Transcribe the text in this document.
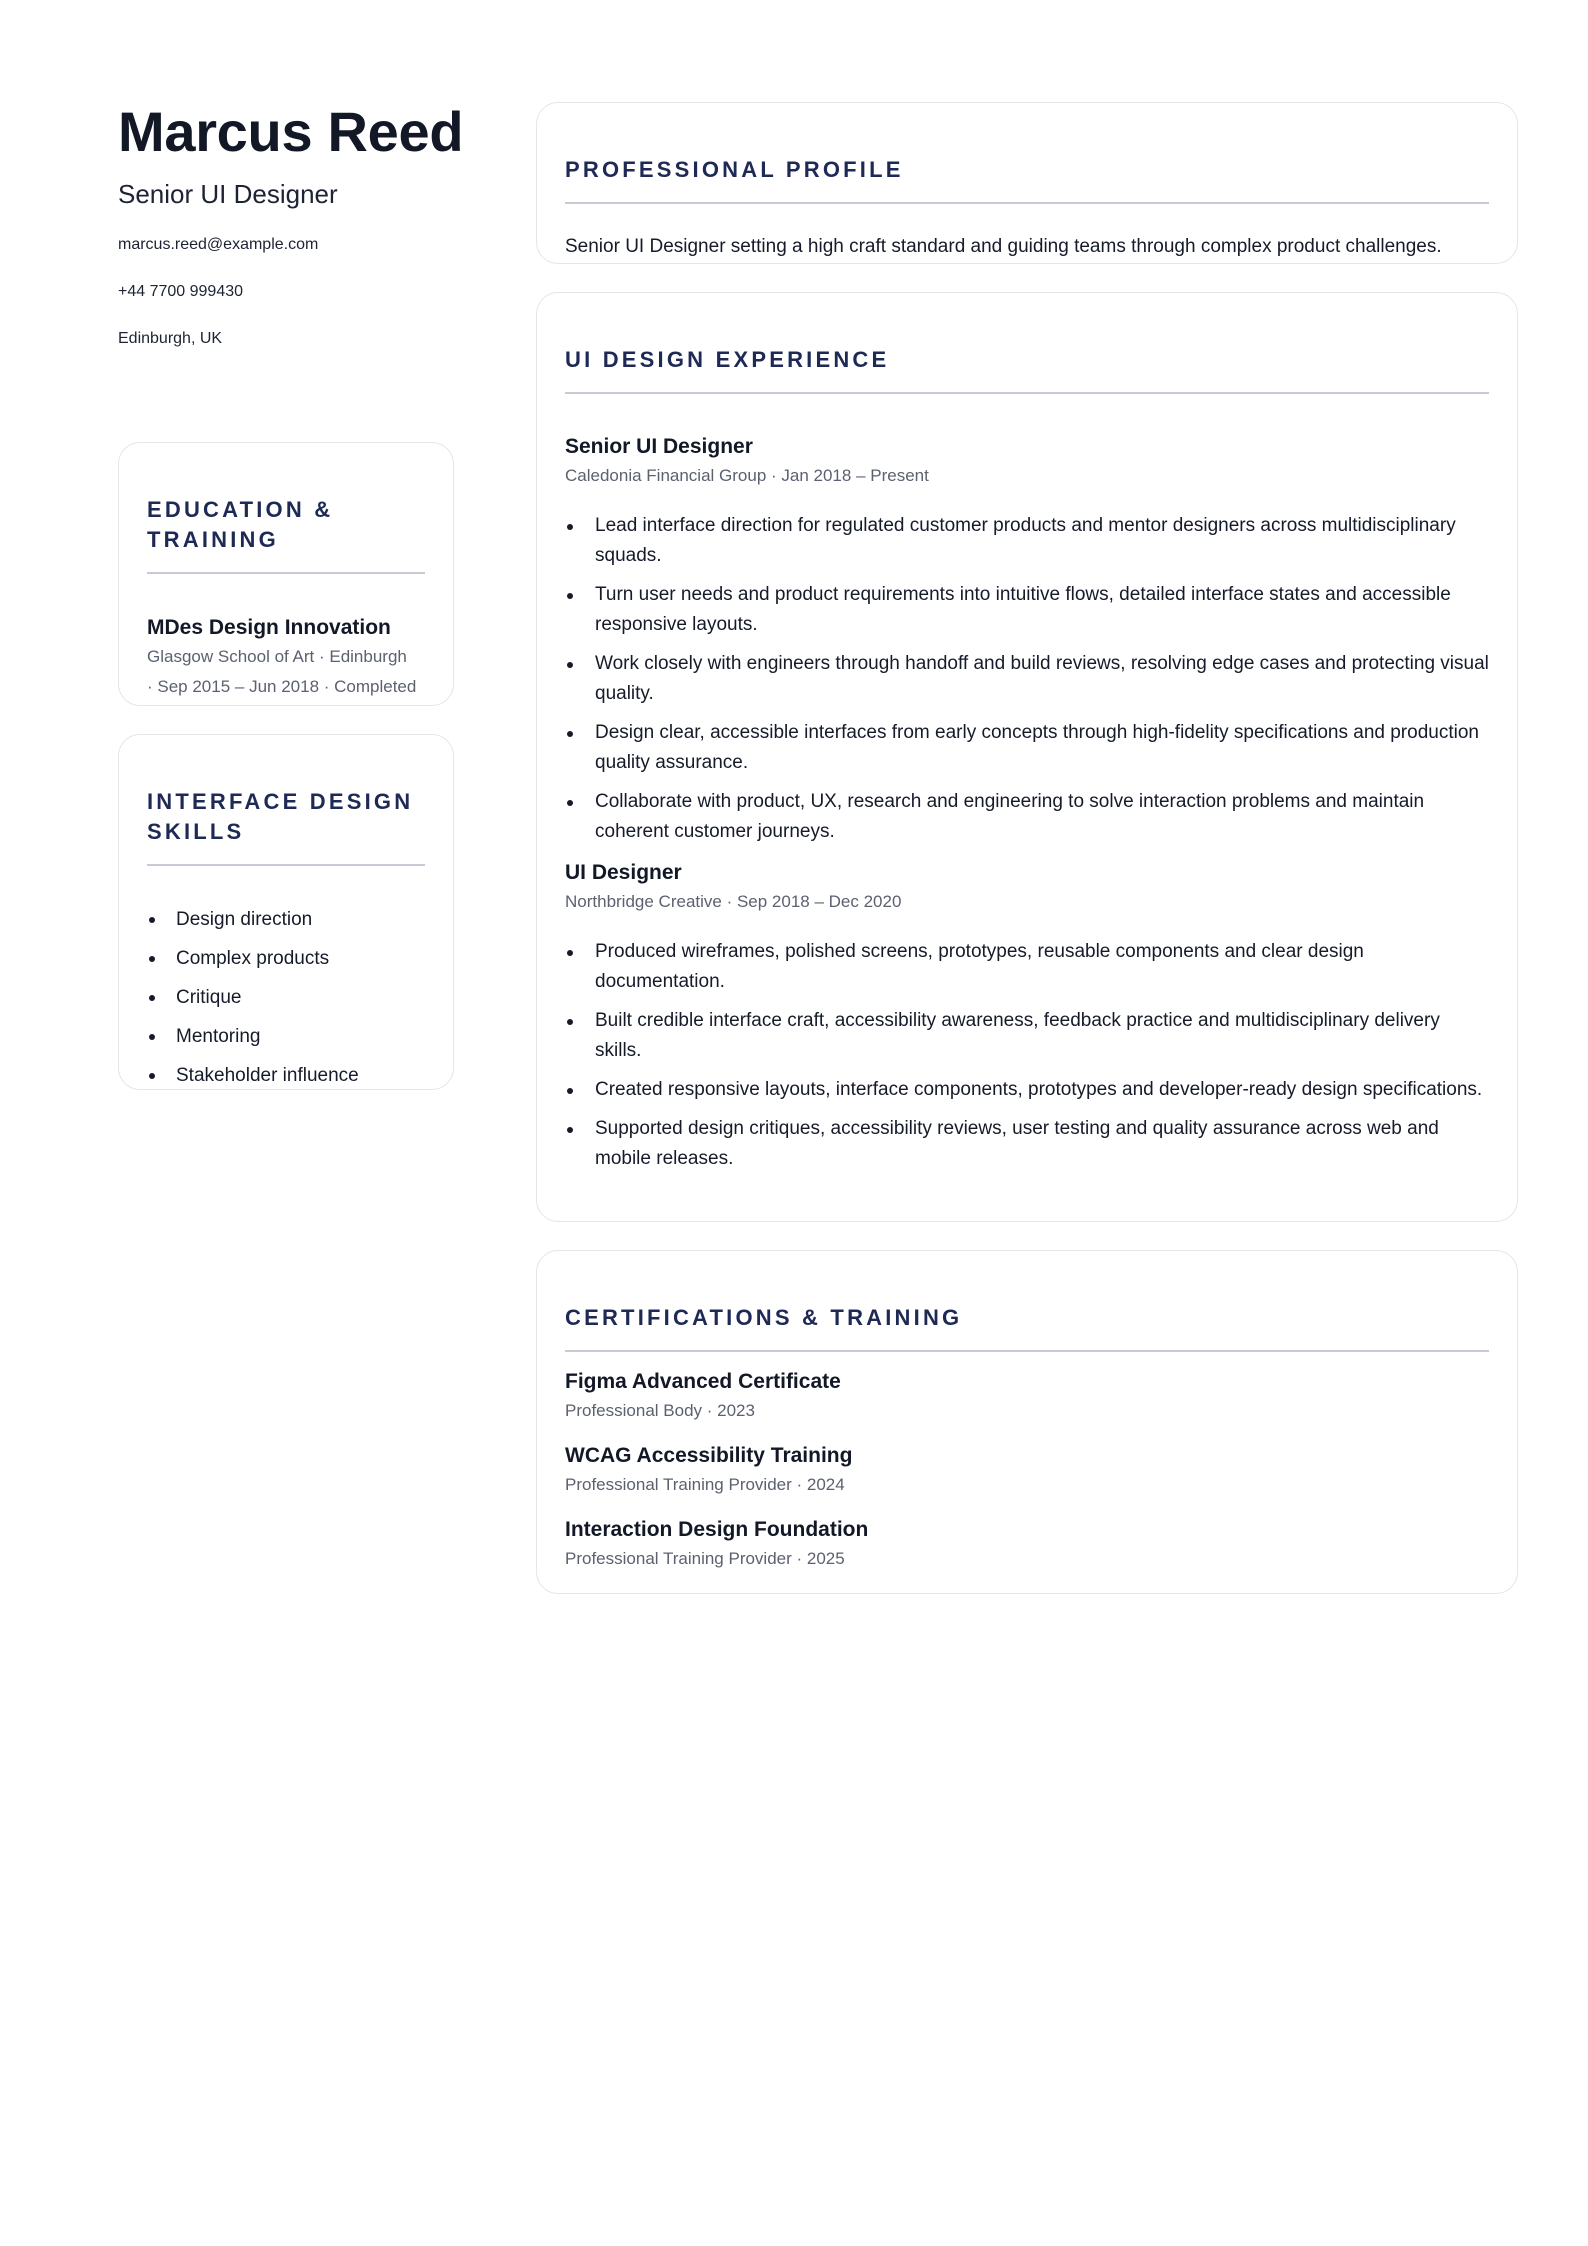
Marcus Reed
Senior UI Designer
marcus.reed@example.com
+44 7700 999430
Edinburgh, UK
EDUCATION &
TRAINING
MDes Design Innovation
Glasgow School of Art · Edinburgh
· Sep 2015 – Jun 2018 · Completed
INTERFACE DESIGN
SKILLS
Design direction
Complex products
Critique
Mentoring
Stakeholder influence
PROFESSIONAL PROFILE
Senior UI Designer setting a high craft standard and guiding teams through complex product challenges.
UI DESIGN EXPERIENCE
Senior UI Designer
Caledonia Financial Group · Jan 2018 – Present
Lead interface direction for regulated customer products and mentor designers across multidisciplinary squads.
Turn user needs and product requirements into intuitive flows, detailed interface states and accessible responsive layouts.
Work closely with engineers through handoff and build reviews, resolving edge cases and protecting visual quality.
Design clear, accessible interfaces from early concepts through high-fidelity specifications and production quality assurance.
Collaborate with product, UX, research and engineering to solve interaction problems and maintain coherent customer journeys.
UI Designer
Northbridge Creative · Sep 2018 – Dec 2020
Produced wireframes, polished screens, prototypes, reusable components and clear design documentation.
Built credible interface craft, accessibility awareness, feedback practice and multidisciplinary delivery skills.
Created responsive layouts, interface components, prototypes and developer-ready design specifications.
Supported design critiques, accessibility reviews, user testing and quality assurance across web and mobile releases.
CERTIFICATIONS & TRAINING
Figma Advanced Certificate
Professional Body · 2023
WCAG Accessibility Training
Professional Training Provider · 2024
Interaction Design Foundation
Professional Training Provider · 2025
